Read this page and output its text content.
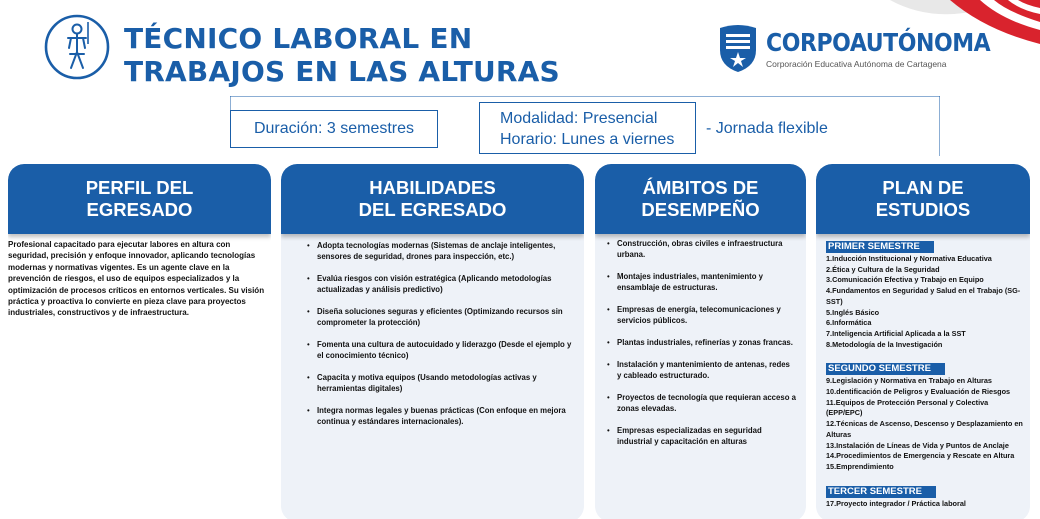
TÉCNICO LABORAL EN
TRABAJOS EN LAS ALTURAS
CORPOAUTÓNOMA
Corporación Educativa Autónoma de Cartagena
Duración: 3 semestres
Modalidad: Presencial
Horario: Lunes a viernes
- Jornada flexible
PERFIL DEL
EGRESADO

Profesional capacitado para ejecutar labores en altura con seguridad, precisión y enfoque innovador, aplicando tecnologías modernas y normativas vigentes. Es un agente clave en la prevención de riesgos, el uso de equipos especializados y la optimización de procesos críticos en entornos verticales. Su visión práctica y proactiva lo convierte en pieza clave para proyectos industriales, constructivos y de infraestructura.

HABILIDADES
DEL EGRESADO
• Adopta tecnologías modernas (Sistemas de anclaje inteligentes, sensores de seguridad, drones para inspección, etc.)
• Evalúa riesgos con visión estratégica (Aplicando metodologías actualizadas y análisis predictivo)
• Diseña soluciones seguras y eficientes (Optimizando recursos sin comprometer la protección)
• Fomenta una cultura de autocuidado y liderazgo (Desde el ejemplo y el conocimiento técnico)
• Capacita y motiva equipos (Usando metodologías activas y herramientas digitales)
• Integra normas legales y buenas prácticas (Con enfoque en mejora continua y estándares internacionales).
ÁMBITOS DE
DESEMPEÑO
• Construcción, obras civiles e infraestructura urbana.
• Montajes industriales, mantenimiento y ensamblaje de estructuras.
• Empresas de energía, telecomunicaciones y servicios públicos.
• Plantas industriales, refinerías y zonas francas.
• Instalación y mantenimiento de antenas, redes y cableado estructurado.
• Proyectos de tecnología que requieran acceso a zonas elevadas.
• Empresas especializadas en seguridad industrial y capacitación en alturas
PLAN DE
ESTUDIOS
PRIMER SEMESTRE
1.Inducción Institucional y Normativa Educativa
2.Ética y Cultura de la Seguridad
3.Comunicación Efectiva y Trabajo en Equipo
4.Fundamentos en Seguridad y Salud en el Trabajo (SG-SST)
5.Inglés Básico
6.Informática
7.Inteligencia Artificial Aplicada a la SST
8.Metodología de la Investigación
SEGUNDO SEMESTRE
9.Legislación y Normativa en Trabajo en Alturas
10.dentificación de Peligros y Evaluación de Riesgos
11.Equipos de Protección Personal y Colectiva (EPP/EPC)
12.Técnicas de Ascenso, Descenso y Desplazamiento en Alturas
13.Instalación de Líneas de Vida y Puntos de Anclaje
14.Procedimientos de Emergencia y Rescate en Altura
15.Emprendimiento
TERCER SEMESTRE
17.Proyecto integrador / Práctica laboral
